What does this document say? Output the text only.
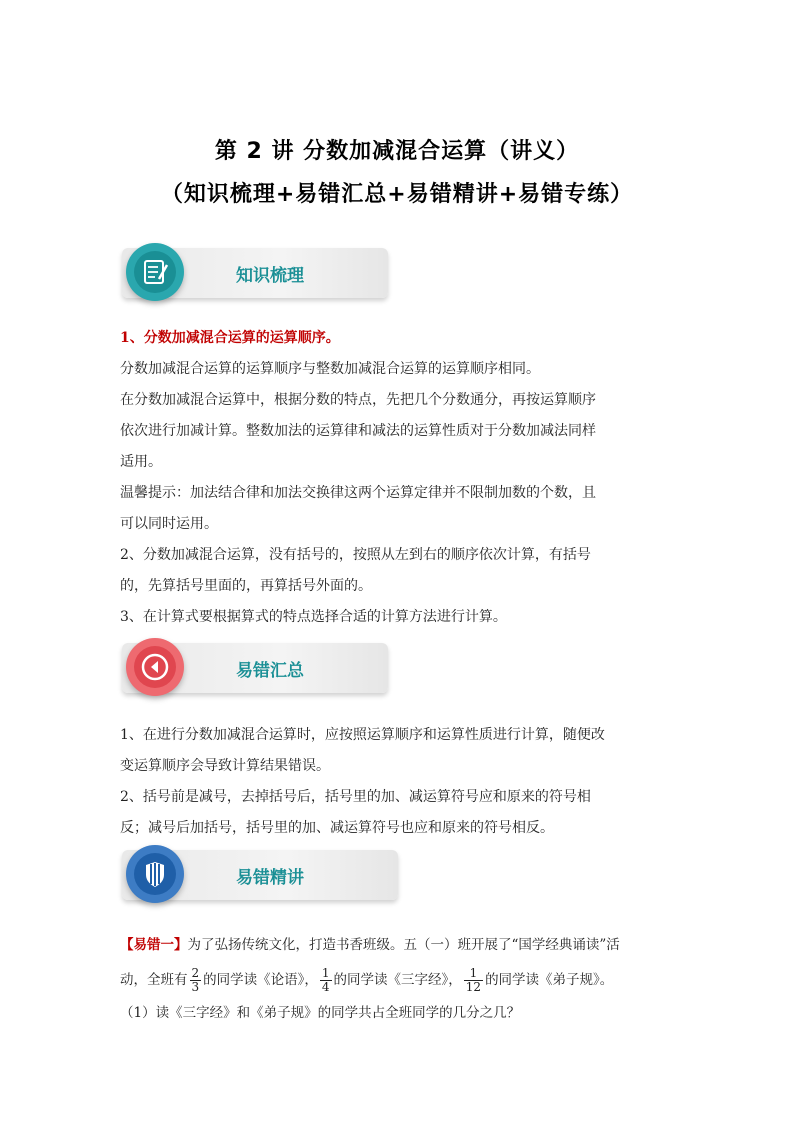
第 2 讲 分数加减混合运算（讲义）
（知识梳理+易错汇总+易错精讲+易错专练）
知识梳理
1、分数加减混合运算的运算顺序。
分数加减混合运算的运算顺序与整数加减混合运算的运算顺序相同。
在分数加减混合运算中，根据分数的特点，先把几个分数通分，再按运算顺序
依次进行加减计算。整数加法的运算律和减法的运算性质对于分数加减法同样
适用。
温馨提示：加法结合律和加法交换律这两个运算定律并不限制加数的个数，且
可以同时运用。
2、分数加减混合运算，没有括号的，按照从左到右的顺序依次计算，有括号
的，先算括号里面的，再算括号外面的。
3、在计算式要根据算式的特点选择合适的计算方法进行计算。
易错汇总
1、在进行分数加减混合运算时，应按照运算顺序和运算性质进行计算，随便改
变运算顺序会导致计算结果错误。
2、括号前是减号，去掉括号后，括号里的加、减运算符号应和原来的符号相
反；减号后加括号，括号里的加、减运算符号也应和原来的符号相反。
易错精讲
【易错一】为了弘扬传统文化，打造书香班级。五（一）班开展了“国学经典诵读”活
动，全班有 $\frac{2}{3}$ 的同学读《论语》， $\frac{1}{4}$ 的同学读《三字经》， $\frac{1}{12}$ 的同学读《弟子规》。
（1）读《三字经》和《弟子规》的同学共占全班同学的几分之几？
